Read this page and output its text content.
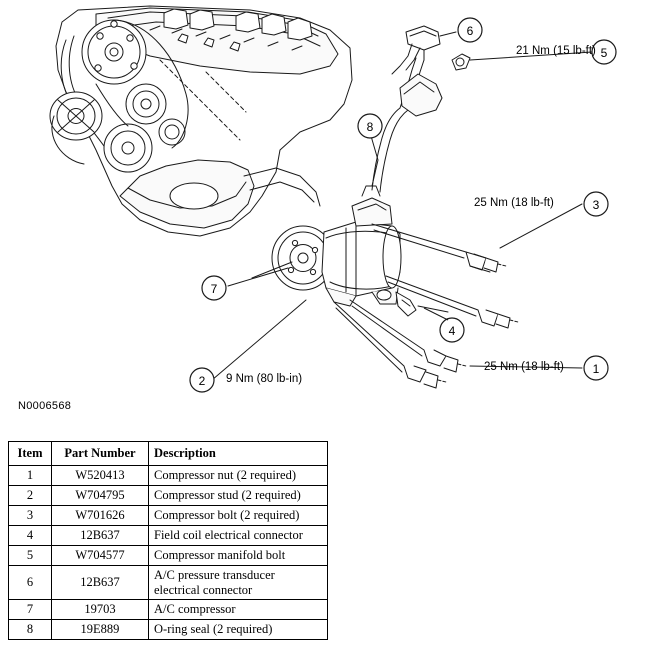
6
5
3
1
8
7
4
2
21 Nm (15 lb-ft)
25 Nm (18 lb-ft)
25 Nm (18 lb-ft)
9 Nm (80 lb-in)
N0006568
Item	Part Number	Description
1	W520413	Compressor nut (2 required)
2	W704795	Compressor stud (2 required)
3	W701626	Compressor bolt (2 required)
4	12B637	Field coil electrical connector
5	W704577	Compressor manifold bolt
6	12B637	A/C pressure transducer electrical connector
7	19703	A/C compressor
8	19E889	O-ring seal (2 required)
